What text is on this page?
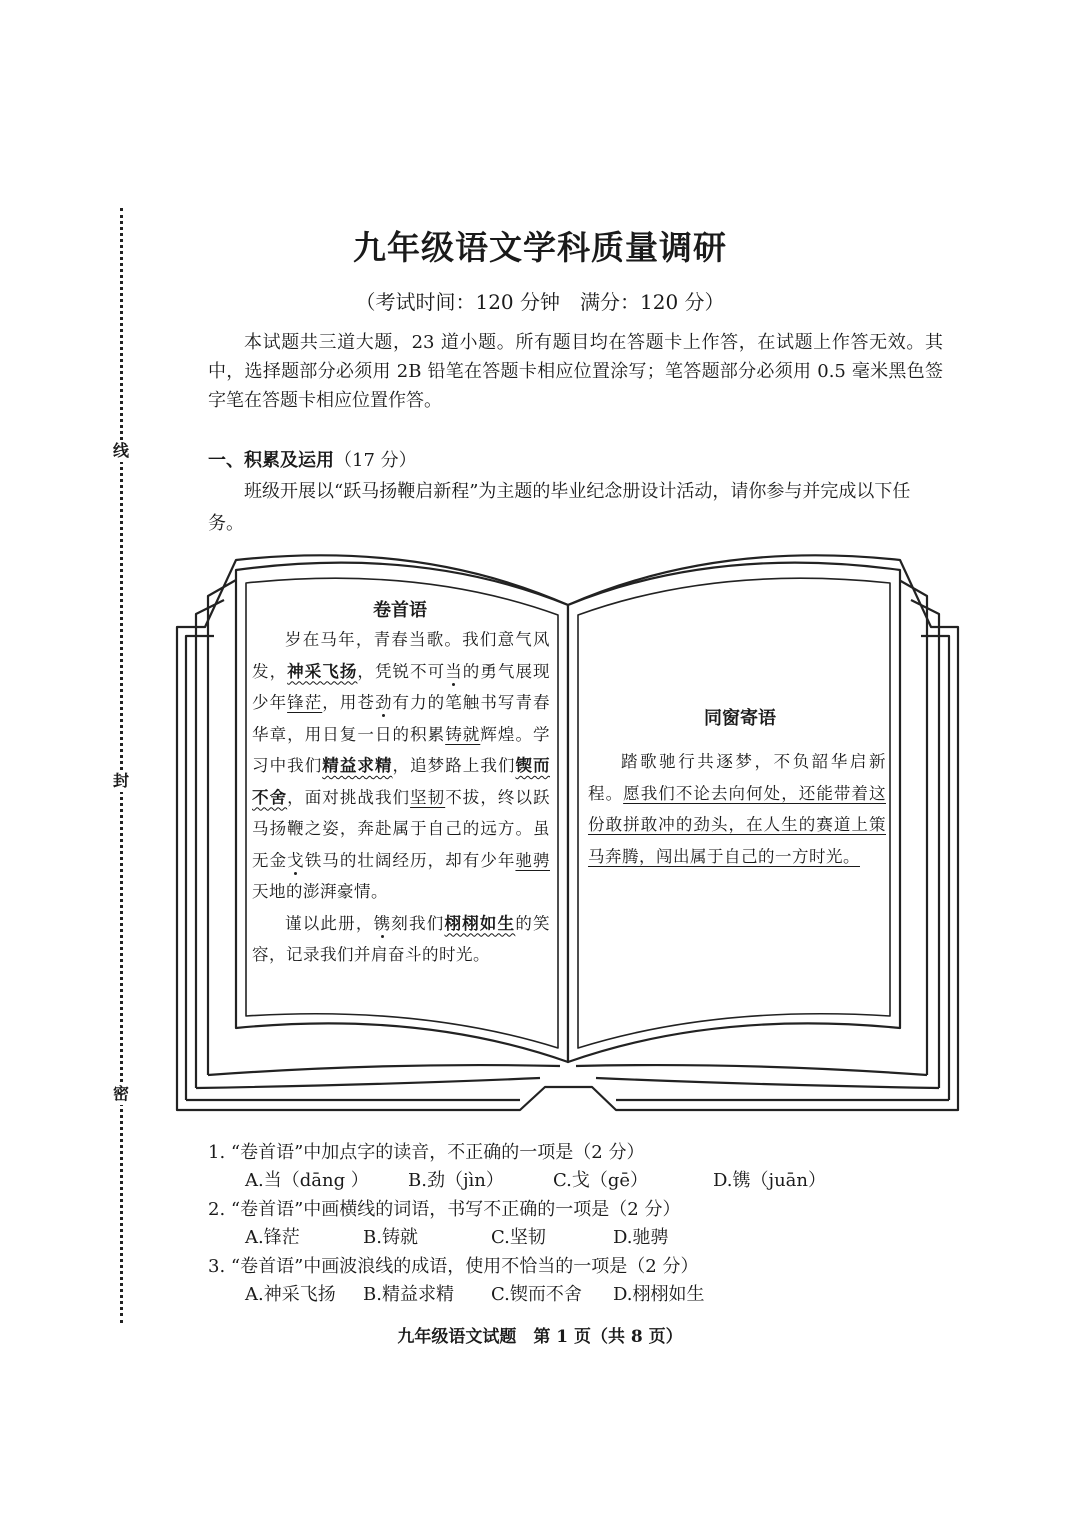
线
封
密
九年级语文学科质量调研
（考试时间：120 分钟　满分：120 分）
本试题共三道大题，23 道小题。所有题目均在答题卡上作答，在试题上作答无效。其中，选择题部分必须用 2B 铅笔在答题卡相应位置涂写；笔答题部分必须用 0.5 毫米黑色签字笔在答题卡相应位置作答。
一、积累及运用（17 分）
班级开展以“跃马扬鞭启新程”为主题的毕业纪念册设计活动，请你参与并完成以下任务。
卷首语

岁在马年，青春当歌。我们意气风发，神采飞扬，凭锐不可当的勇气展现少年锋茫，用苍劲有力的笔触书写青春华章，用日复一日的积累铸就辉煌。学习中我们精益求精，追梦路上我们锲而不舍，面对挑战我们坚韧不拔，终以跃马扬鞭之姿，奔赴属于自己的远方。虽无金戈铁马的壮阔经历，却有少年驰骋天地的澎湃豪情。

谨以此册，镌刻我们栩栩如生的笑容，记录我们并肩奋斗的时光。

同窗寄语

踏歌驰行共逐梦，不负韶华启新程。愿我们不论去向何处，还能带着这份敢拼敢冲的劲头，在人生的赛道上策马奔腾，闯出属于自己的一方时光。

1. “卷首语”中加点字的读音，不正确的一项是（2 分）
A.当（dāng ） B.劲（jìn）	C.戈（gē）	D.镌（juān）
2. “卷首语”中画横线的词语，书写不正确的一项是（2 分）
A.锋茫	B.铸就	C.坚韧	D.驰骋
3. “卷首语”中画波浪线的成语，使用不恰当的一项是（2 分）
A.神采飞扬 B.精益求精 C.锲而不舍 D.栩栩如生
九年级语文试题　第 1 页（共 8 页）
